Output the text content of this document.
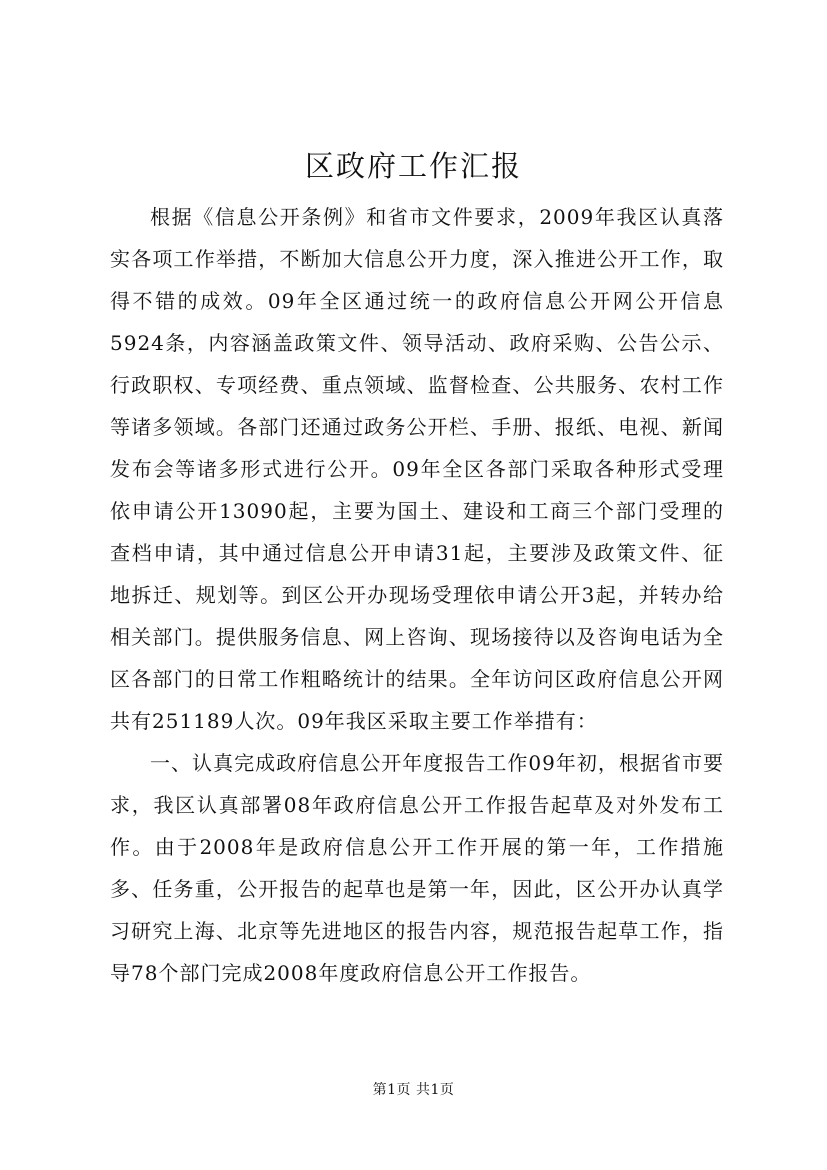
区政府工作汇报

根据《信息公开条例》和省市文件要求，2009年我区认真落实各项工作举措，不断加大信息公开力度，深入推进公开工作，取得不错的成效。09年全区通过统一的政府信息公开网公开信息5924条，内容涵盖政策文件、领导活动、政府采购、公告公示、行政职权、专项经费、重点领域、监督检查、公共服务、农村工作等诸多领域。各部门还通过政务公开栏、手册、报纸、电视、新闻发布会等诸多形式进行公开。09年全区各部门采取各种形式受理依申请公开13090起，主要为国土、建设和工商三个部门受理的查档申请，其中通过信息公开申请31起，主要涉及政策文件、征地拆迁、规划等。到区公开办现场受理依申请公开3起，并转办给相关部门。提供服务信息、网上咨询、现场接待以及咨询电话为全区各部门的日常工作粗略统计的结果。全年访问区政府信息公开网共有251189人次。09年我区采取主要工作举措有：

一、认真完成政府信息公开年度报告工作09年初，根据省市要求，我区认真部署08年政府信息公开工作报告起草及对外发布工作。由于2008年是政府信息公开工作开展的第一年，工作措施多、任务重，公开报告的起草也是第一年，因此，区公开办认真学习研究上海、北京等先进地区的报告内容，规范报告起草工作，指导78个部门完成2008年度政府信息公开工作报告。

第1页 共1页
